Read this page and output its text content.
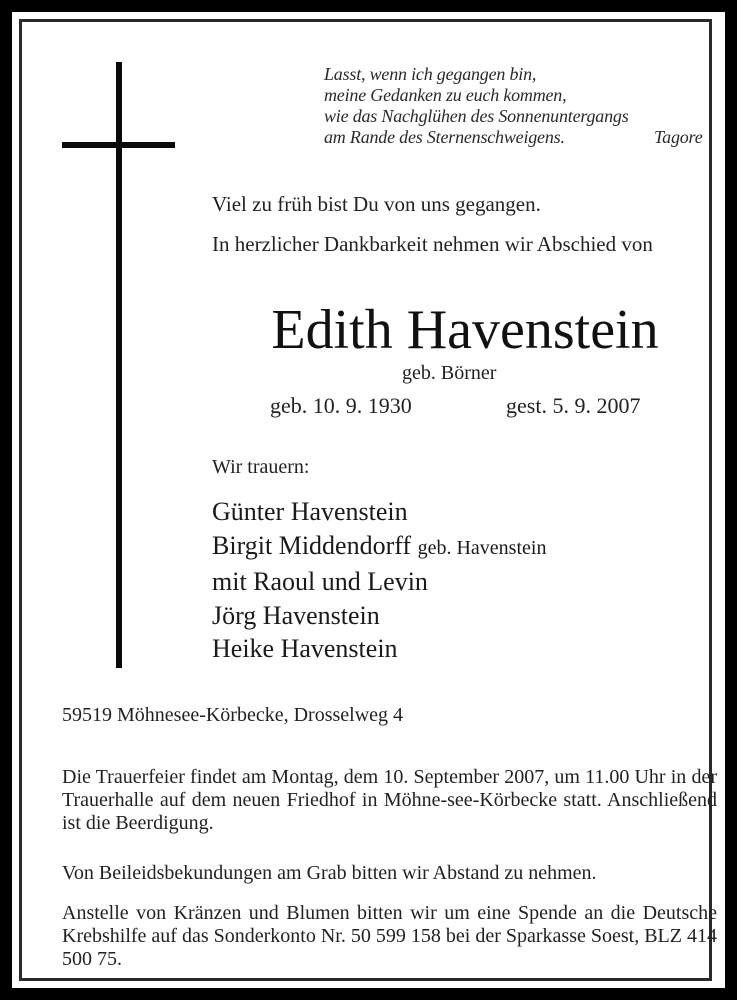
Lasst, wenn ich gegangen bin,
meine Gedanken zu euch kommen,
wie das Nachglühen des Sonnenuntergangs
am Rande des Sternenschweigens.	Tagore
Viel zu früh bist Du von uns gegangen.
In herzlicher Dankbarkeit nehmen wir Abschied von
Edith Havenstein
geb. Börner
geb. 10. 9. 1930	gest. 5. 9. 2007
Wir trauern:
Günter Havenstein
Birgit Middendorff geb. Havenstein
mit Raoul und Levin
Jörg Havenstein
Heike Havenstein
59519 Möhnesee-Körbecke, Drosselweg 4
Die Trauerfeier findet am Montag, dem 10. September 2007, um 11.00 Uhr in der Trauerhalle auf dem neuen Friedhof in Möhne-see-Körbecke statt. Anschließend ist die Beerdigung.
Von Beileidsbekundungen am Grab bitten wir Abstand zu nehmen.
Anstelle von Kränzen und Blumen bitten wir um eine Spende an die Deutsche Krebshilfe auf das Sonderkonto Nr. 50 599 158 bei der Sparkasse Soest, BLZ 414 500 75.
